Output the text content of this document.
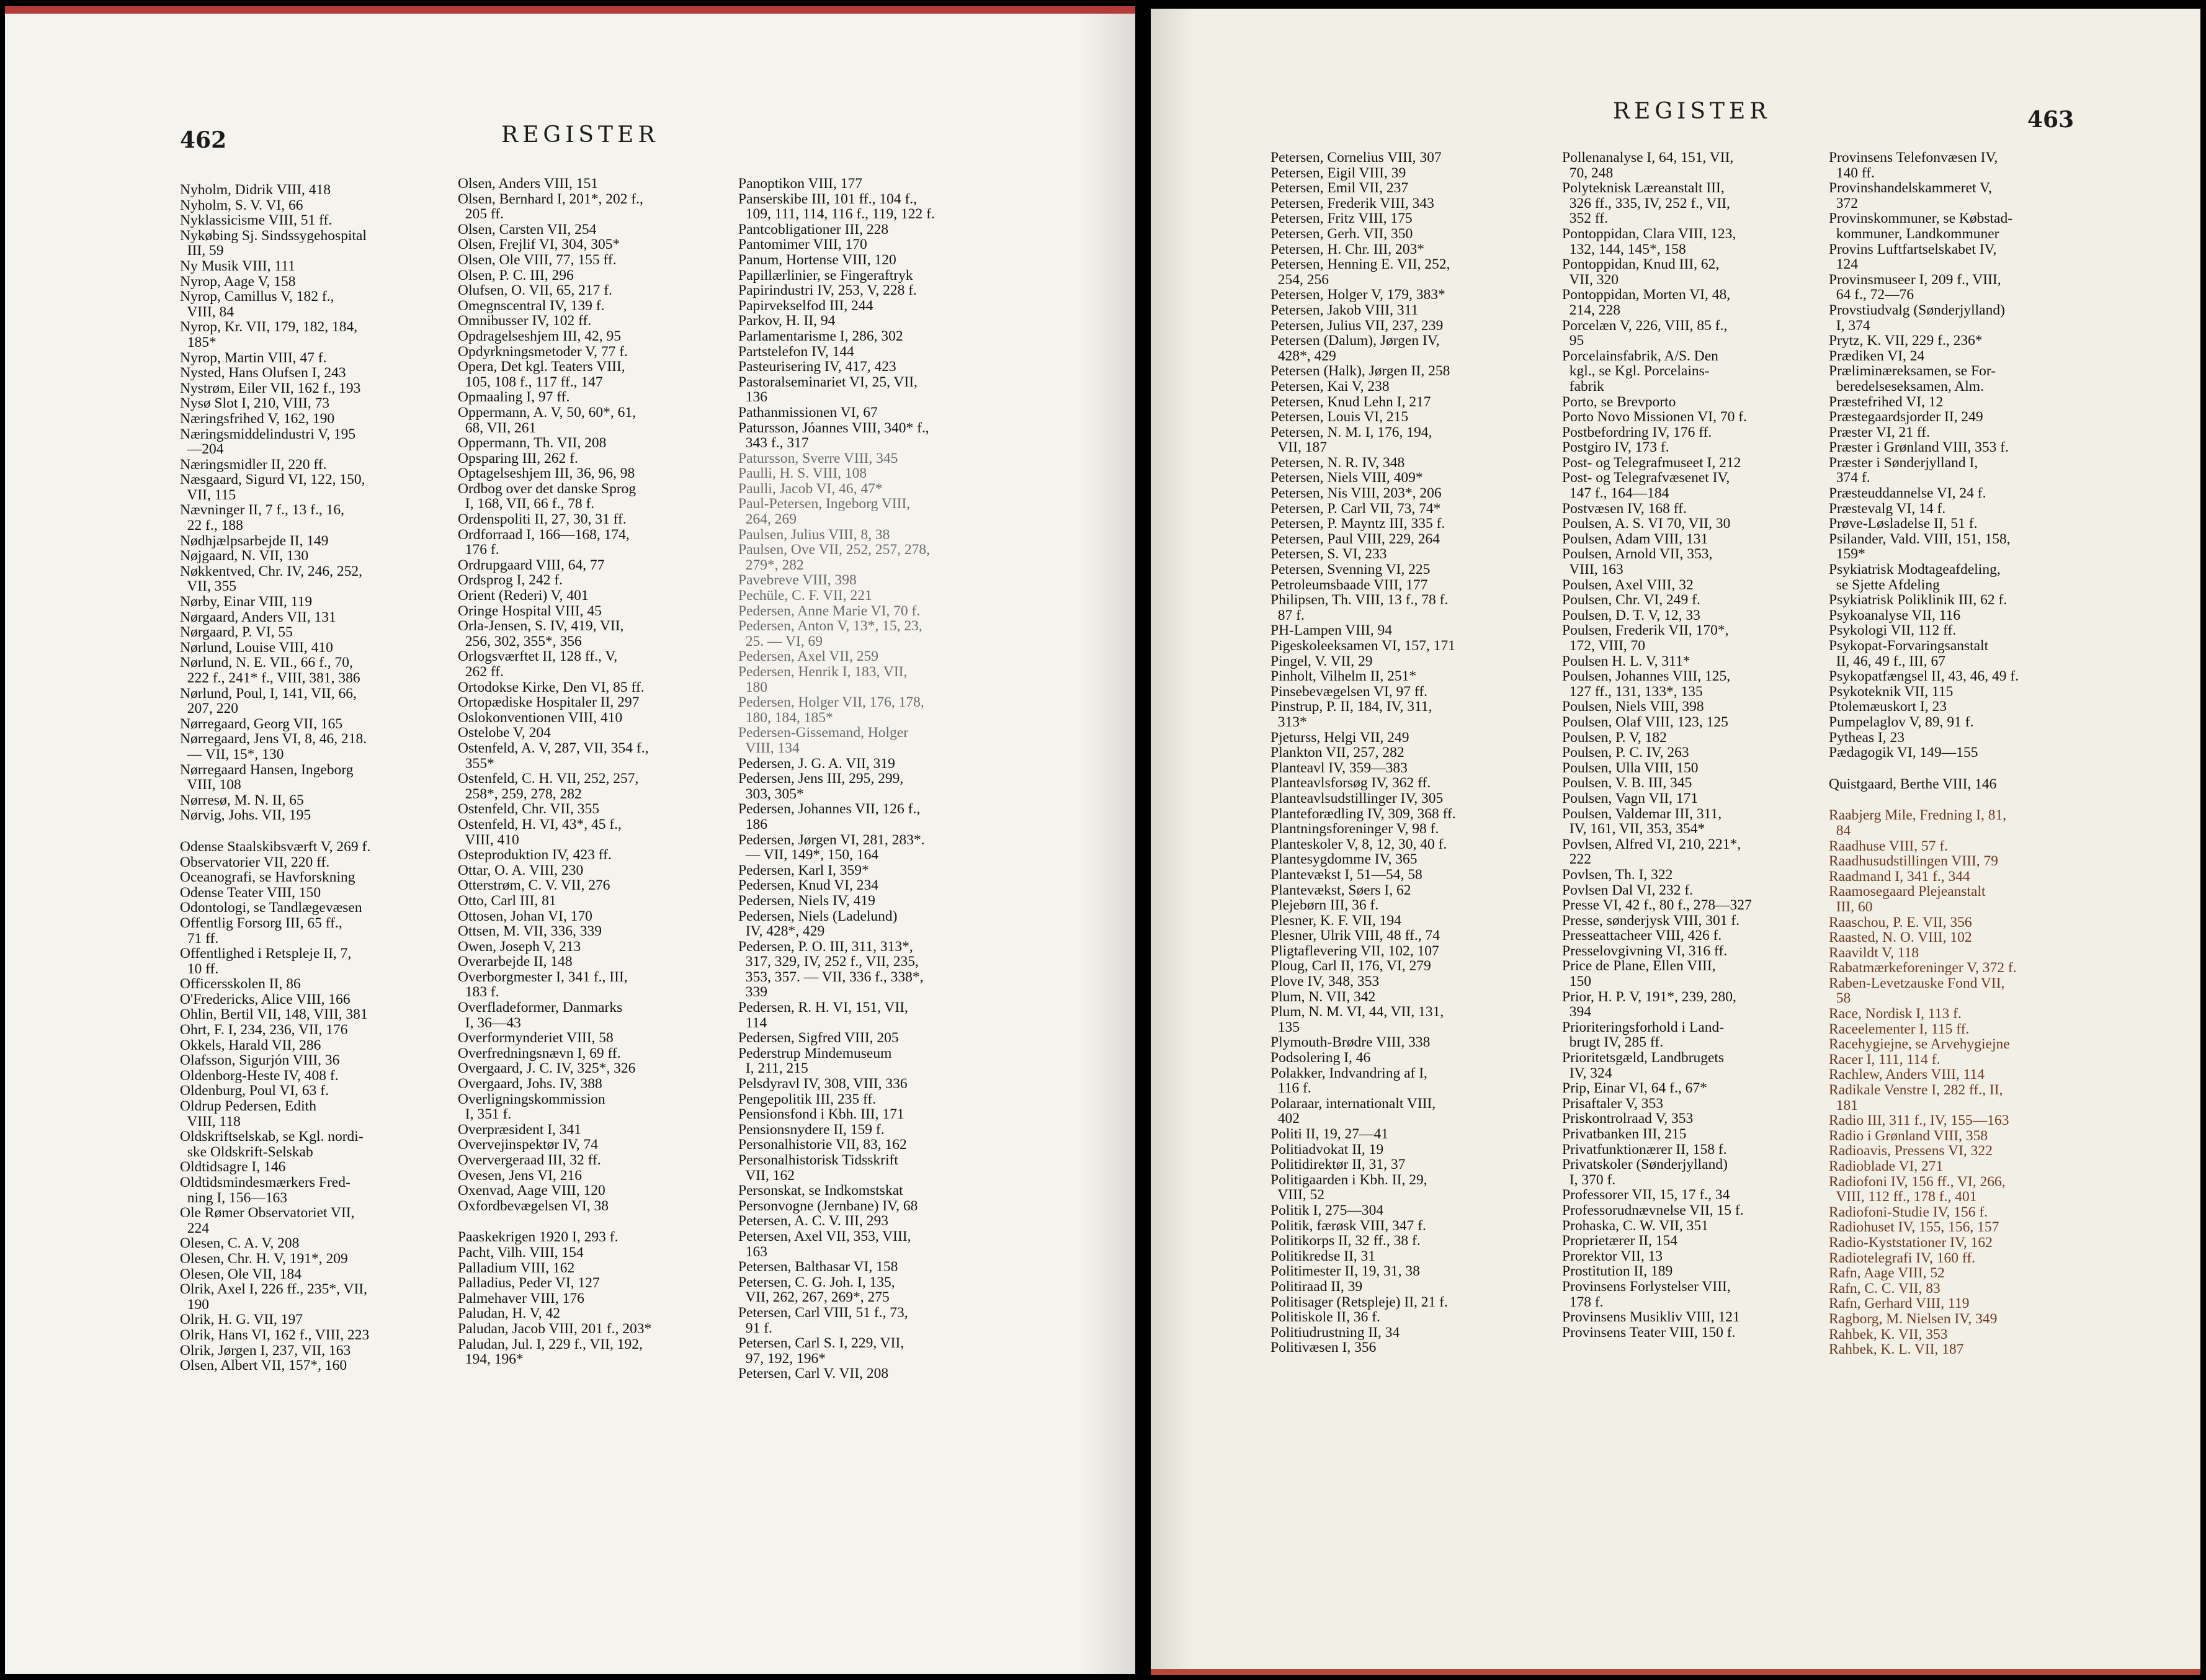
462	REGISTER
Nyholm, Didrik VIII, 418
Nyholm, S. V. VI, 66
Nyklassicisme VIII, 51 ff.
Nykøbing Sj. Sindssygehospital
III, 59
Ny Musik VIII, 111
Nyrop, Aage V, 158
Nyrop, Camillus V, 182 f.,
VIII, 84
Nyrop, Kr. VII, 179, 182, 184,
185*
Nyrop, Martin VIII, 47 f.
Nysted, Hans Olufsen I, 243
Nystrøm, Eiler VII, 162 f., 193
Nysø Slot I, 210, VIII, 73
Næringsfrihed V, 162, 190
Næringsmiddelindustri V, 195
—204
Næringsmidler II, 220 ff.
Næsgaard, Sigurd VI, 122, 150,
VII, 115
Nævninger II, 7 f., 13 f., 16,
22 f., 188
Nødhjælpsarbejde II, 149
Nøjgaard, N. VII, 130
Nøkkentved, Chr. IV, 246, 252,
VII, 355
Nørby, Einar VIII, 119
Nørgaard, Anders VII, 131
Nørgaard, P. VI, 55
Nørlund, Louise VIII, 410
Nørlund, N. E. VII., 66 f., 70,
222 f., 241* f., VIII, 381, 386
Nørlund, Poul, I, 141, VII, 66,
207, 220
Nørregaard, Georg VII, 165
Nørregaard, Jens VI, 8, 46, 218.
— VII, 15*, 130
Nørregaard Hansen, Ingeborg
VIII, 108
Nørresø, M. N. II, 65
Nørvig, Johs. VII, 195
Odense Staalskibsværft V, 269 f.
Observatorier VII, 220 ff.
Oceanografi, se Havforskning
Odense Teater VIII, 150
Odontologi, se Tandlægevæsen
Offentlig Forsorg III, 65 ff.,
71 ff.
Offentlighed i Retspleje II, 7,
10 ff.
Officersskolen II, 86
O'Fredericks, Alice VIII, 166
Ohlin, Bertil VII, 148, VIII, 381
Ohrt, F. I, 234, 236, VII, 176
Okkels, Harald VII, 286
Olafsson, Sigurjón VIII, 36
Oldenborg-Heste IV, 408 f.
Oldenburg, Poul VI, 63 f.
Oldrup Pedersen, Edith
VIII, 118
Oldskriftselskab, se Kgl. nordi-
ske Oldskrift-Selskab
Oldtidsagre I, 146
Oldtidsmindesmærkers Fred-
ning I, 156—163
Ole Rømer Observatoriet VII,
224
Olesen, C. A. V, 208
Olesen, Chr. H. V, 191*, 209
Olesen, Ole VII, 184
Olrik, Axel I, 226 ff., 235*, VII,
190
Olrik, H. G. VII, 197
Olrik, Hans VI, 162 f., VIII, 223
Olrik, Jørgen I, 237, VII, 163
Olsen, Albert VII, 157*, 160
Olsen, Anders VIII, 151
Olsen, Bernhard I, 201*, 202 f.,
205 ff.
Olsen, Carsten VII, 254
Olsen, Frejlif VI, 304, 305*
Olsen, Ole VIII, 77, 155 ff.
Olsen, P. C. III, 296
Olufsen, O. VII, 65, 217 f.
Omegnscentral IV, 139 f.
Omnibusser IV, 102 ff.
Opdragelseshjem III, 42, 95
Opdyrkningsmetoder V, 77 f.
Opera, Det kgl. Teaters VIII,
105, 108 f., 117 ff., 147
Opmaaling I, 97 ff.
Oppermann, A. V, 50, 60*, 61,
68, VII, 261
Oppermann, Th. VII, 208
Opsparing III, 262 f.
Optagelseshjem III, 36, 96, 98
Ordbog over det danske Sprog
I, 168, VII, 66 f., 78 f.
Ordenspoliti II, 27, 30, 31 ff.
Ordforraad I, 166—168, 174,
176 f.
Ordrupgaard VIII, 64, 77
Ordsprog I, 242 f.
Orient (Rederi) V, 401
Oringe Hospital VIII, 45
Orla-Jensen, S. IV, 419, VII,
256, 302, 355*, 356
Orlogsværftet II, 128 ff., V,
262 ff.
Ortodokse Kirke, Den VI, 85 ff.
Ortopædiske Hospitaler II, 297
Oslokonventionen VIII, 410
Ostelobe V, 204
Ostenfeld, A. V, 287, VII, 354 f.,
355*
Ostenfeld, C. H. VII, 252, 257,
258*, 259, 278, 282
Ostenfeld, Chr. VII, 355
Ostenfeld, H. VI, 43*, 45 f.,
VIII, 410
Osteproduktion IV, 423 ff.
Ottar, O. A. VIII, 230
Otterstrøm, C. V. VII, 276
Otto, Carl III, 81
Ottosen, Johan VI, 170
Ottsen, M. VII, 336, 339
Owen, Joseph V, 213
Overarbejde II, 148
Overborgmester I, 341 f., III,
183 f.
Overfladeformer, Danmarks
I, 36—43
Overformynderiet VIII, 58
Overfredningsnævn I, 69 ff.
Overgaard, J. C. IV, 325*, 326
Overgaard, Johs. IV, 388
Overligningskommission
I, 351 f.
Overpræsident I, 341
Overvejinspektør IV, 74
Oververgeraad III, 32 ff.
Ovesen, Jens VI, 216
Oxenvad, Aage VIII, 120
Oxfordbevægelsen VI, 38
Paaskekrigen 1920 I, 293 f.
Pacht, Vilh. VIII, 154
Palladium VIII, 162
Palladius, Peder VI, 127
Palmehaver VIII, 176
Paludan, H. V, 42
Paludan, Jacob VIII, 201 f., 203*
Paludan, Jul. I, 229 f., VII, 192,
194, 196*
Panoptikon VIII, 177
Panserskibe III, 101 ff., 104 f.,
109, 111, 114, 116 f., 119, 122 f.
Pantcobligationer III, 228
Pantomimer VIII, 170
Panum, Hortense VIII, 120
Papillærlinier, se Fingeraftryk
Papirindustri IV, 253, V, 228 f.
Papirvekselfod III, 244
Parkov, H. II, 94
Parlamentarisme I, 286, 302
Partstelefon IV, 144
Pasteurisering IV, 417, 423
Pastoralseminariet VI, 25, VII,
136
Pathanmissionen VI, 67
Patursson, Jóannes VIII, 340* f.,
343 f., 317
Patursson, Sverre VIII, 345
Paulli, H. S. VIII, 108
Paulli, Jacob VI, 46, 47*
Paul-Petersen, Ingeborg VIII,
264, 269
Paulsen, Julius VIII, 8, 38
Paulsen, Ove VII, 252, 257, 278,
279*, 282
Pavebreve VIII, 398
Pechüle, C. F. VII, 221
Pedersen, Anne Marie VI, 70 f.
Pedersen, Anton V, 13*, 15, 23,
25. — VI, 69
Pedersen, Axel VII, 259
Pedersen, Henrik I, 183, VII,
180
Pedersen, Holger VII, 176, 178,
180, 184, 185*
Pedersen-Gissemand, Holger
VIII, 134
Pedersen, J. G. A. VII, 319
Pedersen, Jens III, 295, 299,
303, 305*
Pedersen, Johannes VII, 126 f.,
186
Pedersen, Jørgen VI, 281, 283*.
— VII, 149*, 150, 164
Pedersen, Karl I, 359*
Pedersen, Knud VI, 234
Pedersen, Niels IV, 419
Pedersen, Niels (Ladelund)
IV, 428*, 429
Pedersen, P. O. III, 311, 313*,
317, 329, IV, 252 f., VII, 235,
353, 357. — VII, 336 f., 338*,
339
Pedersen, R. H. VI, 151, VII,
114
Pedersen, Sigfred VIII, 205
Pederstrup Mindemuseum
I, 211, 215
Pelsdyravl IV, 308, VIII, 336
Pengepolitik III, 235 ff.
Pensionsfond i Kbh. III, 171
Pensionsnydere II, 159 f.
Personalhistorie VII, 83, 162
Personalhistorisk Tidsskrift
VII, 162
Personskat, se Indkomstskat
Personvogne (Jernbane) IV, 68
Petersen, A. C. V. III, 293
Petersen, Axel VII, 353, VIII,
163
Petersen, Balthasar VI, 158
Petersen, C. G. Joh. I, 135,
VII, 262, 267, 269*, 275
Petersen, Carl VIII, 51 f., 73,
91 f.
Petersen, Carl S. I, 229, VII,
97, 192, 196*
Petersen, Carl V. VII, 208
REGISTER	463
Petersen, Cornelius VIII, 307
Petersen, Eigil VIII, 39
Petersen, Emil VII, 237
Petersen, Frederik VIII, 343
Petersen, Fritz VIII, 175
Petersen, Gerh. VII, 350
Petersen, H. Chr. III, 203*
Petersen, Henning E. VII, 252,
254, 256
Petersen, Holger V, 179, 383*
Petersen, Jakob VIII, 311
Petersen, Julius VII, 237, 239
Petersen (Dalum), Jørgen IV,
428*, 429
Petersen (Halk), Jørgen II, 258
Petersen, Kai V, 238
Petersen, Knud Lehn I, 217
Petersen, Louis VI, 215
Petersen, N. M. I, 176, 194,
VII, 187
Petersen, N. R. IV, 348
Petersen, Niels VIII, 409*
Petersen, Nis VIII, 203*, 206
Petersen, P. Carl VII, 73, 74*
Petersen, P. Mayntz III, 335 f.
Petersen, Paul VIII, 229, 264
Petersen, S. VI, 233
Petersen, Svenning VI, 225
Petroleumsbaade VIII, 177
Philipsen, Th. VIII, 13 f., 78 f.
87 f.
PH-Lampen VIII, 94
Pigeskoleeksamen VI, 157, 171
Pingel, V. VII, 29
Pinholt, Vilhelm II, 251*
Pinsebevægelsen VI, 97 ff.
Pinstrup, P. II, 184, IV, 311,
313*
Pjeturss, Helgi VII, 249
Plankton VII, 257, 282
Planteavl IV, 359—383
Planteavlsforsøg IV, 362 ff.
Planteavlsudstillinger IV, 305
Planteforædling IV, 309, 368 ff.
Plantningsforeninger V, 98 f.
Planteskoler V, 8, 12, 30, 40 f.
Plantesygdomme IV, 365
Plantevækst I, 51—54, 58
Plantevækst, Søers I, 62
Plejebørn III, 36 f.
Plesner, K. F. VII, 194
Plesner, Ulrik VIII, 48 ff., 74
Pligtaflevering VII, 102, 107
Ploug, Carl II, 176, VI, 279
Plove IV, 348, 353
Plum, N. VII, 342
Plum, N. M. VI, 44, VII, 131,
135
Plymouth-Brødre VIII, 338
Podsolering I, 46
Polakker, Indvandring af I,
116 f.
Polaraar, internationalt VIII,
402
Politi II, 19, 27—41
Politiadvokat II, 19
Politidirektør II, 31, 37
Politigaarden i Kbh. II, 29,
VIII, 52
Politik I, 275—304
Politik, færøsk VIII, 347 f.
Politikorps II, 32 ff., 38 f.
Politikredse II, 31
Politimester II, 19, 31, 38
Politiraad II, 39
Politisager (Retspleje) II, 21 f.
Politiskole II, 36 f.
Politiudrustning II, 34
Politivæsen I, 356
Pollenanalyse I, 64, 151, VII,
70, 248
Polyteknisk Læreanstalt III,
326 ff., 335, IV, 252 f., VII,
352 ff.
Pontoppidan, Clara VIII, 123,
132, 144, 145*, 158
Pontoppidan, Knud III, 62,
VII, 320
Pontoppidan, Morten VI, 48,
214, 228
Porcelæn V, 226, VIII, 85 f.,
95
Porcelainsfabrik, A/S. Den
kgl., se Kgl. Porcelains-
fabrik
Porto, se Brevporto
Porto Novo Missionen VI, 70 f.
Postbefordring IV, 176 ff.
Postgiro IV, 173 f.
Post- og Telegrafmuseet I, 212
Post- og Telegrafvæsenet IV,
147 f., 164—184
Postvæsen IV, 168 ff.
Poulsen, A. S. VI 70, VII, 30
Poulsen, Adam VIII, 131
Poulsen, Arnold VII, 353,
VIII, 163
Poulsen, Axel VIII, 32
Poulsen, Chr. VI, 249 f.
Poulsen, D. T. V, 12, 33
Poulsen, Frederik VII, 170*,
172, VIII, 70
Poulsen H. L. V, 311*
Poulsen, Johannes VIII, 125,
127 ff., 131, 133*, 135
Poulsen, Niels VIII, 398
Poulsen, Olaf VIII, 123, 125
Poulsen, P. V, 182
Poulsen, P. C. IV, 263
Poulsen, Ulla VIII, 150
Poulsen, V. B. III, 345
Poulsen, Vagn VII, 171
Poulsen, Valdemar III, 311,
IV, 161, VII, 353, 354*
Povlsen, Alfred VI, 210, 221*,
222
Povlsen, Th. I, 322
Povlsen Dal VI, 232 f.
Presse VI, 42 f., 80 f., 278—327
Presse, sønderjysk VIII, 301 f.
Presseattacheer VIII, 426 f.
Presselovgivning VI, 316 ff.
Price de Plane, Ellen VIII,
150
Prior, H. P. V, 191*, 239, 280,
394
Prioriteringsforhold i Land-
brugt IV, 285 ff.
Prioritetsgæld, Landbrugets
IV, 324
Prip, Einar VI, 64 f., 67*
Prisaftaler V, 353
Priskontrolraad V, 353
Privatbanken III, 215
Privatfunktionærer II, 158 f.
Privatskoler (Sønderjylland)
I, 370 f.
Professorer VII, 15, 17 f., 34
Professorudnævnelse VII, 15 f.
Prohaska, C. W. VII, 351
Proprietærer II, 154
Prorektor VII, 13
Prostitution II, 189
Provinsens Forlystelser VIII,
178 f.
Provinsens Musikliv VIII, 121
Provinsens Teater VIII, 150 f.
Provinsens Telefonvæsen IV,
140 ff.
Provinshandelskammeret V,
372
Provinskommuner, se Købstad-
kommuner, Landkommuner
Provins Luftfartselskabet IV,
124
Provinsmuseer I, 209 f., VIII,
64 f., 72—76
Provstiudvalg (Sønderjylland)
I, 374
Prytz, K. VII, 229 f., 236*
Prædiken VI, 24
Præliminæreksamen, se For-
beredelseseksamen, Alm.
Præstefrihed VI, 12
Præstegaardsjorder II, 249
Præster VI, 21 ff.
Præster i Grønland VIII, 353 f.
Præster i Sønderjylland I,
374 f.
Præsteuddannelse VI, 24 f.
Præstevalg VI, 14 f.
Prøve-Løsladelse II, 51 f.
Psilander, Vald. VIII, 151, 158,
159*
Psykiatrisk Modtageafdeling,
se Sjette Afdeling
Psykiatrisk Poliklinik III, 62 f.
Psykoanalyse VII, 116
Psykologi VII, 112 ff.
Psykopat-Forvaringsanstalt
II, 46, 49 f., III, 67
Psykopatfængsel II, 43, 46, 49 f.
Psykoteknik VII, 115
Ptolemæuskort I, 23
Pumpelaglov V, 89, 91 f.
Pytheas I, 23
Pædagogik VI, 149—155
Quistgaard, Berthe VIII, 146
Raabjerg Mile, Fredning I, 81,
84
Raadhuse VIII, 57 f.
Raadhusudstillingen VIII, 79
Raadmand I, 341 f., 344
Raamosegaard Plejeanstalt
III, 60
Raaschou, P. E. VII, 356
Raasted, N. O. VIII, 102
Raavildt V, 118
Rabatmærkeforeninger V, 372 f.
Raben-Levetzauske Fond VII,
58
Race, Nordisk I, 113 f.
Raceelementer I, 115 ff.
Racehygiejne, se Arvehygiejne
Racer I, 111, 114 f.
Rachlew, Anders VIII, 114
Radikale Venstre I, 282 ff., II,
181
Radio III, 311 f., IV, 155—163
Radio i Grønland VIII, 358
Radioavis, Pressens VI, 322
Radioblade VI, 271
Radiofoni IV, 156 ff., VI, 266,
VIII, 112 ff., 178 f., 401
Radiofoni-Studie IV, 156 f.
Radiohuset IV, 155, 156, 157
Radio-Kyststationer IV, 162
Radiotelegrafi IV, 160 ff.
Rafn, Aage VIII, 52
Rafn, C. C. VII, 83
Rafn, Gerhard VIII, 119
Ragborg, M. Nielsen IV, 349
Rahbek, K. VII, 353
Rahbek, K. L. VII, 187
